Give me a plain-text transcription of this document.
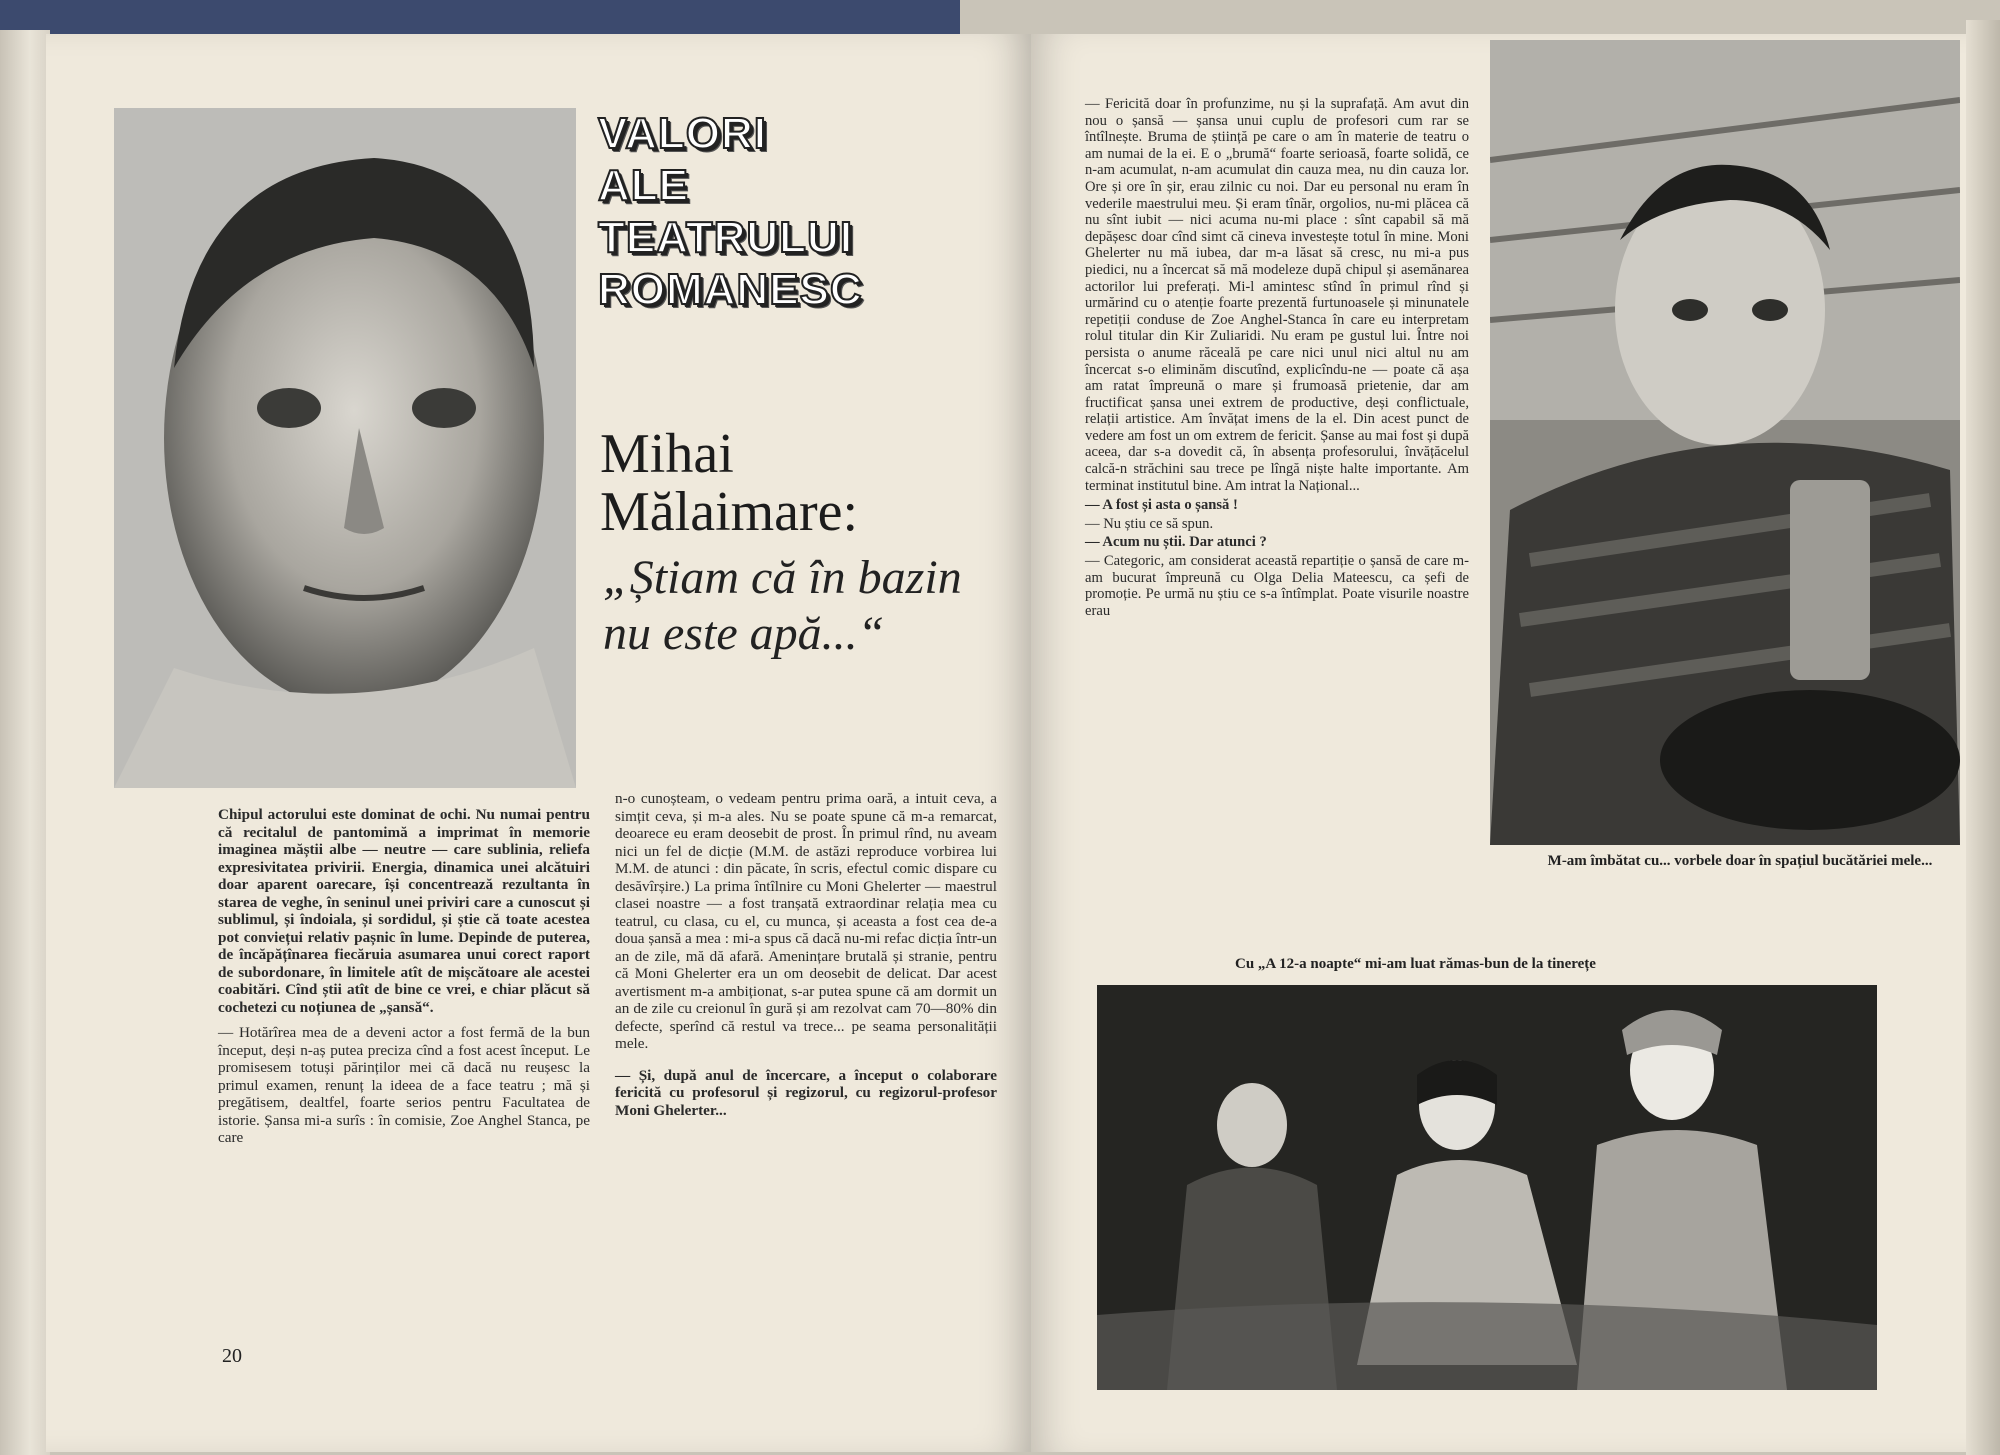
VALORI
ALE
TEATRULUI
ROMANESC
Mihai
Mălaimare:
„Știam că în bazin
nu este apă...“

Chipul actorului este dominat de ochi. Nu numai pentru că recitalul de pantomimă a imprimat în memorie imaginea măștii albe — neutre — care sublinia, reliefa expresivitatea privirii. Energia, dinamica unei alcătuiri doar aparent oarecare, își concentrează rezultanta în starea de veghe, în seninul unei priviri care a cunoscut și sublimul, și îndoiala, și sordidul, și știe că toate acestea pot conviețui relativ pașnic în lume. Depinde de puterea, de încăpățînarea fiecăruia asumarea unui corect raport de subordonare, în limitele atît de mișcătoare ale acestei coabitări. Cînd știi atît de bine ce vrei, e chiar plăcut să cochetezi cu noțiunea de „șansă“.

— Hotărîrea mea de a deveni actor a fost fermă de la bun început, deși n-aș putea preciza cînd a fost acest început. Le promisesem totuși părinților mei că dacă nu reușesc la primul examen, renunț la ideea de a face teatru ; mă și pregătisem, dealtfel, foarte serios pentru Facultatea de istorie. Șansa mi-a surîs : în comisie, Zoe Anghel Stanca, pe care

n-o cunoșteam, o vedeam pentru prima oară, a intuit ceva, a simțit ceva, și m-a ales. Nu se poate spune că m-a remarcat, deoarece eu eram deosebit de prost. În primul rînd, nu aveam nici un fel de dicție (M.M. de astăzi reproduce vorbirea lui M.M. de atunci : din păcate, în scris, efectul comic dispare cu desăvîrșire.) La prima întîlnire cu Moni Ghelerter — maestrul clasei noastre — a fost tranșată extraordinar relația mea cu teatrul, cu clasa, cu el, cu munca, și aceasta a fost cea de-a doua șansă a mea : mi-a spus că dacă nu-mi refac dicția într-un an de zile, mă dă afară. Amenințare brutală și stranie, pentru că Moni Ghelerter era un om deosebit de delicat. Dar acest avertisment m-a ambiționat, s-ar putea spune că am dormit un an de zile cu creionul în gură și am rezolvat cam 70—80% din defecte, sperînd că restul va trece... pe seama personalității mele.

— Și, după anul de încercare, a început o colaborare fericită cu profesorul și regizorul, cu regizorul-profesor Moni Ghelerter...

20

— Fericită doar în profunzime, nu și la suprafață. Am avut din nou o șansă — șansa unui cuplu de profesori cum rar se întîlnește. Bruma de știință pe care o am în materie de teatru o am numai de la ei. E o „brumă“ foarte serioasă, foarte solidă, ce n-am acumulat, n-am acumulat din cauza mea, nu din cauza lor. Ore și ore în șir, erau zilnic cu noi. Dar eu personal nu eram în vederile maestrului meu. Și eram tînăr, orgolios, nu-mi plăcea că nu sînt iubit — nici acuma nu-mi place : sînt capabil să mă depășesc doar cînd simt că cineva investește totul în mine. Moni Ghelerter nu mă iubea, dar m-a lăsat să cresc, nu mi-a pus piedici, nu a încercat să mă modeleze după chipul și asemănarea actorilor lui preferați. Mi-l amintesc stînd în primul rînd și urmărind cu o atenție foarte prezentă furtunoasele și minunatele repetiții conduse de Zoe Anghel-Stanca în care eu interpretam rolul titular din Kir Zuliaridi. Nu eram pe gustul lui. Între noi persista o anume răceală pe care nici unul nici altul nu am încercat s-o eliminăm discutînd, explicîndu-ne — poate că așa am ratat împreună o mare și frumoasă prietenie, dar am fructificat șansa unei extrem de productive, deși conflictuale, relații artistice. Am învățat imens de la el. Din acest punct de vedere am fost un om extrem de fericit. Șanse au mai fost și după aceea, dar s-a dovedit că, în absența profesorului, învățăcelul calcă-n străchini sau trece pe lîngă niște halte importante. Am terminat institutul bine. Am intrat la Național...

— A fost și asta o șansă !

— Nu știu ce să spun.

— Acum nu știi. Dar atunci ?

— Categoric, am considerat această repartiție o șansă de care m-am bucurat împreună cu Olga Delia Mateescu, ca șefi de promoție. Pe urmă nu știu ce s-a întîmplat. Poate visurile noastre erau

M-am îmbătat cu... vorbele doar în spațiul bucătăriei mele...
Cu „A 12-a noapte“ mi-am luat rămas-bun de la tinerețe
